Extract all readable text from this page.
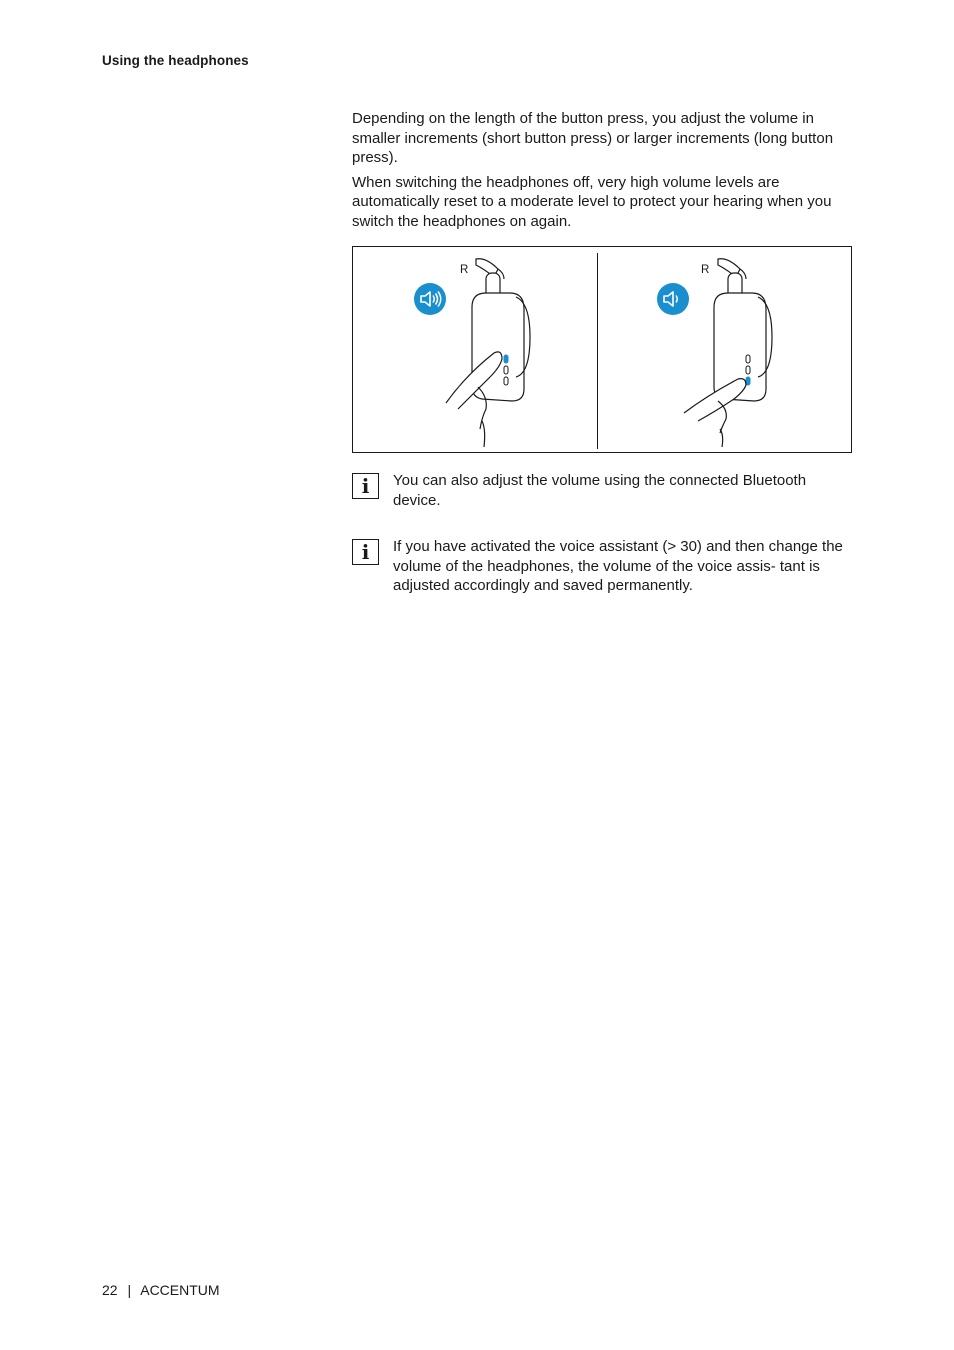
Using the headphones

Depending on the length of the button press, you adjust the volume in smaller increments (short button press) or larger increments (long button press).

When switching the headphones off, very high volume levels are automatically reset to a moderate level to protect your hearing when you switch the headphones on again.

R	R
i	You can also adjust the volume using the connected Bluetooth device.
i	If you have activated the voice assistant (> 30) and then change the volume of the headphones, the volume of the voice assis- tant is adjusted accordingly and saved permanently.
22 | ACCENTUM
